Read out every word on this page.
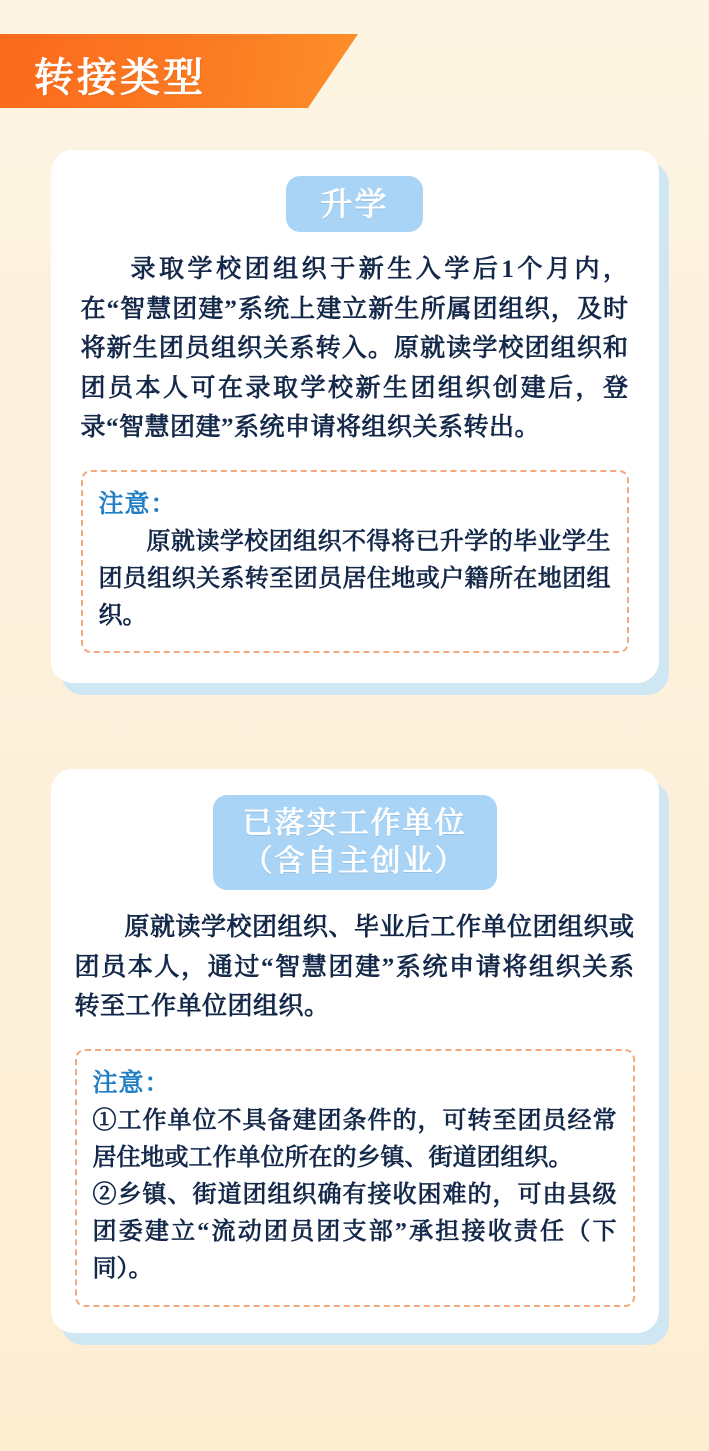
转接类型
升学

录取学校团组织于新生入学后1个月内，在“智慧团建”系统上建立新生所属团组织，及时将新生团员组织关系转入。原就读学校团组织和团员本人可在录取学校新生团组织创建后，登录“智慧团建”系统申请将组织关系转出。

注意：

原就读学校团组织不得将已升学的毕业学生团员组织关系转至团员居住地或户籍所在地团组织。

已落实工作单位
（含自主创业）

原就读学校团组织、毕业后工作单位团组织或团员本人，通过“智慧团建”系统申请将组织关系转至工作单位团组织。

注意：

①工作单位不具备建团条件的，可转至团员经常居住地或工作单位所在的乡镇、街道团组织。

②乡镇、街道团组织确有接收困难的，可由县级团委建立“流动团员团支部”承担接收责任（下同）。
